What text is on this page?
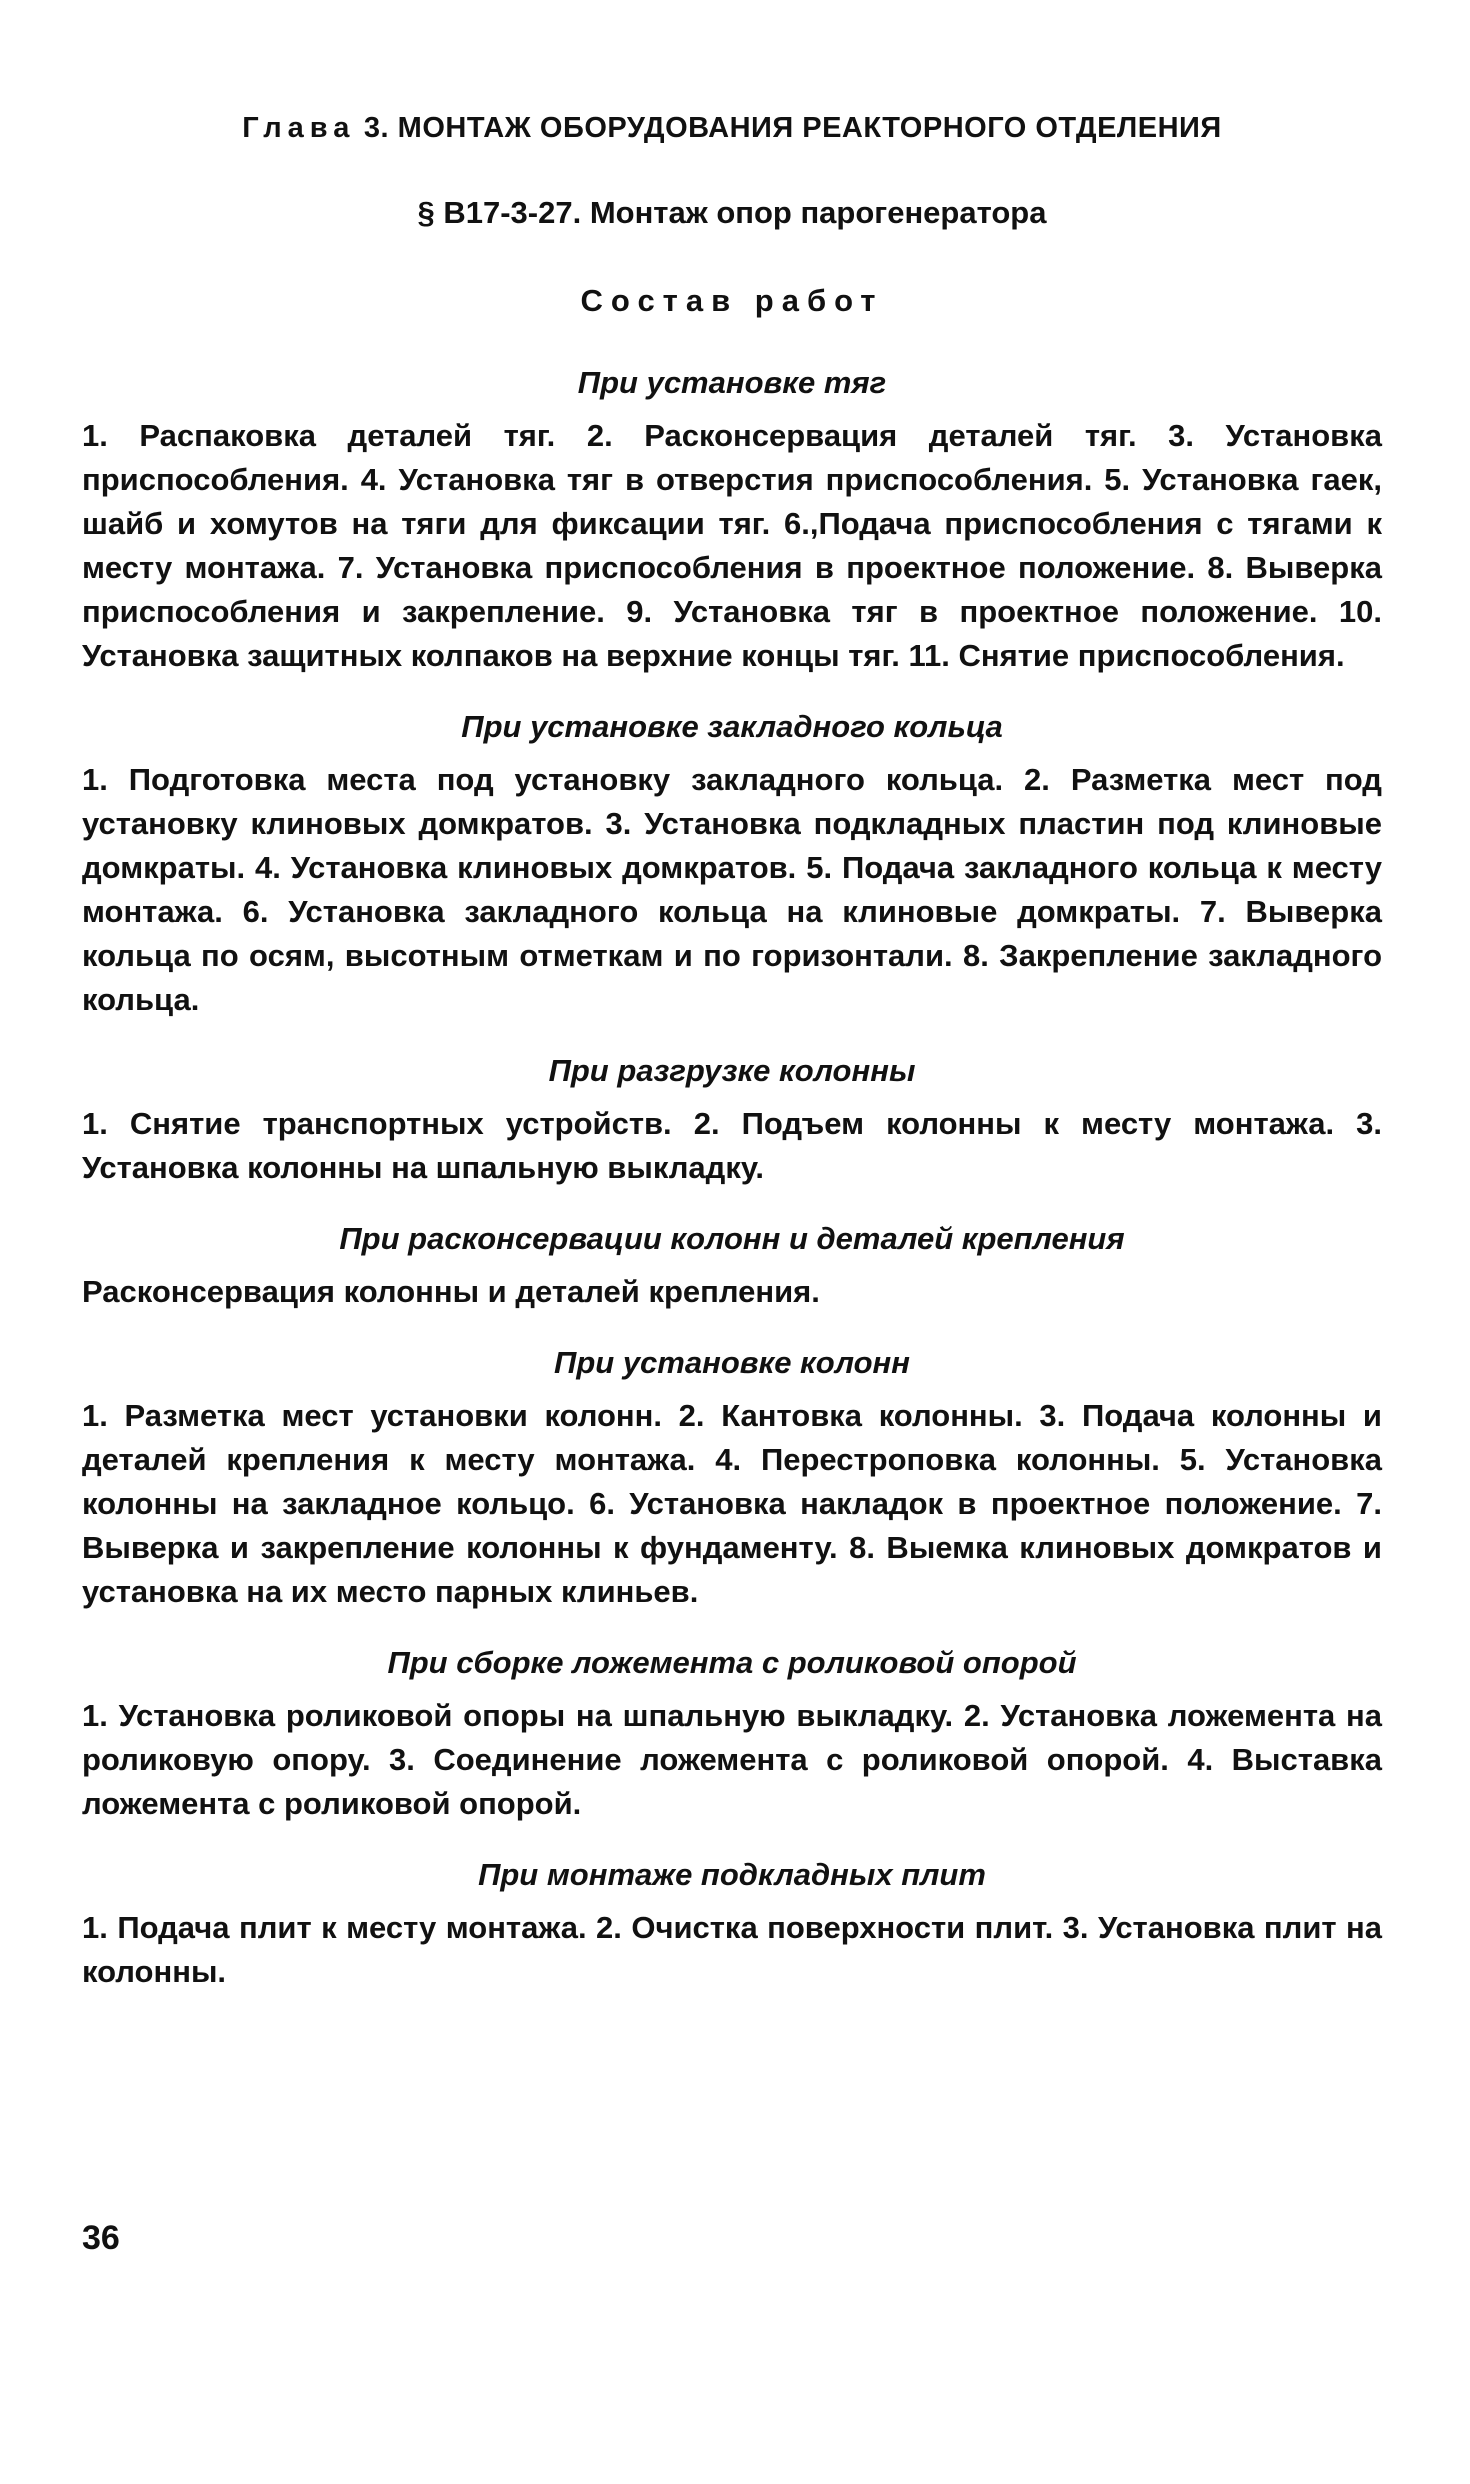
Глава 3. МОНТАЖ ОБОРУДОВАНИЯ РЕАКТОРНОГО ОТДЕЛЕНИЯ
§ В17-3-27. Монтаж опор парогенератора
Состав работ
При установке тяг

1. Распаковка деталей тяг. 2. Расконсервация деталей тяг. 3. Установка приспособления. 4. Установка тяг в отверстия приспособления. 5. Установка гаек, шайб и хомутов на тяги для фиксации тяг. 6.,Подача приспособления с тягами к месту монтажа. 7. Установка приспособления в проектное положение. 8. Выверка приспособления и закрепление. 9. Установка тяг в проектное положение. 10. Установка защитных колпаков на верхние концы тяг. 11. Снятие приспособления.

При установке закладного кольца

1. Подготовка места под установку закладного кольца. 2. Разметка мест под установку клиновых домкратов. 3. Установка подкладных пластин под клиновые домкраты. 4. Установка клиновых домкратов. 5. Подача закладного кольца к месту монтажа. 6. Установка закладного кольца на клиновые домкраты. 7. Выверка кольца по осям, высотным отметкам и по горизонтали. 8. Закрепление закладного кольца.

При разгрузке колонны

1. Снятие транспортных устройств. 2. Подъем колонны к месту монтажа. 3. Установка колонны на шпальную выкладку.

При расконсервации колонн и деталей крепления

Расконсервация колонны и деталей крепления.

При установке колонн

1. Разметка мест установки колонн. 2. Кантовка колонны. 3. Подача колонны и деталей крепления к месту монтажа. 4. Перестроповка колонны. 5. Установка колонны на закладное кольцо. 6. Установка накладок в проектное положение. 7. Выверка и закрепление колонны к фундаменту. 8. Выемка клиновых домкратов и установка на их место парных клиньев.

При сборке ложемента с роликовой опорой

1. Установка роликовой опоры на шпальную выкладку. 2. Установка ложемента на роликовую опору. 3. Соединение ложемента с роликовой опорой. 4. Выставка ложемента с роликовой опорой.

При монтаже подкладных плит

1. Подача плит к месту монтажа. 2. Очистка поверхности плит. 3. Установка плит на колонны.

36
